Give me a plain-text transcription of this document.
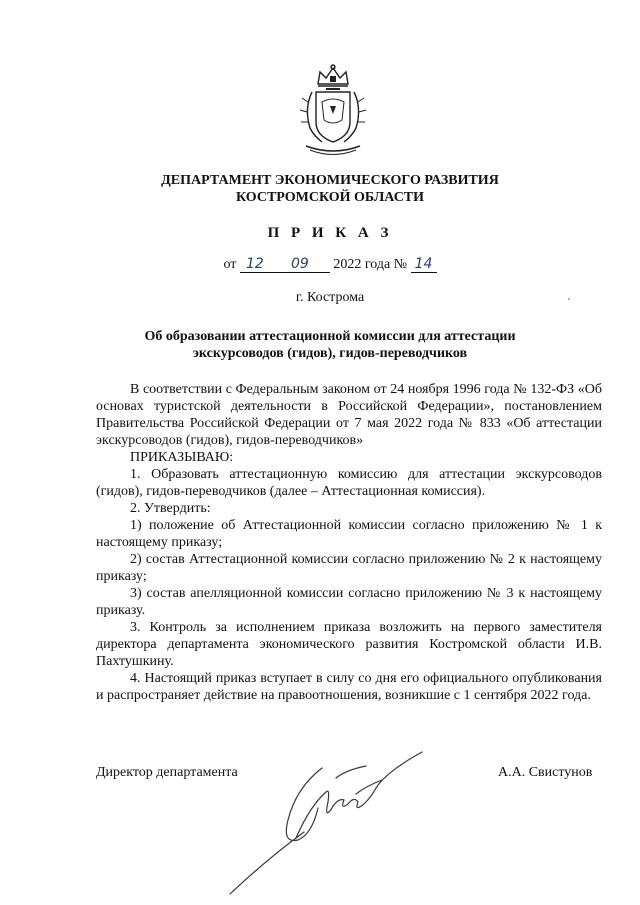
ДЕПАРТАМЕНТ ЭКОНОМИЧЕСКОГО РАЗВИТИЯ
КОСТРОМСКОЙ ОБЛАСТИ
П Р И К А З
от 12 09 2022 года № 14
г. Кострома
Об образовании аттестационной комиссии для аттестации
экскурсоводов (гидов), гидов-переводчиков

В соответствии с Федеральным законом от 24 ноября 1996 года № 132-ФЗ «Об основах туристской деятельности в Российской Федерации», постановлением Правительства Российской Федерации от 7 мая 2022 года № 833 «Об аттестации экскурсоводов (гидов), гидов-переводчиков»

ПРИКАЗЫВАЮ:

1. Образовать аттестационную комиссию для аттестации экскурсоводов (гидов), гидов-переводчиков (далее – Аттестационная комиссия).

2. Утвердить:

1) положение об Аттестационной комиссии согласно приложению № 1 к настоящему приказу;

2) состав Аттестационной комиссии согласно приложению № 2 к настоящему приказу;

3) состав апелляционной комиссии согласно приложению № 3 к настоящему приказу.

3. Контроль за исполнением приказа возложить на первого заместителя директора департамента экономического развития Костромской области И.В. Пахтушкину.

4. Настоящий приказ вступает в силу со дня его официального опубликования и распространяет действие на правоотношения, возникшие с 1 сентября 2022 года.

Директор департамента	А.А. Свистунов
